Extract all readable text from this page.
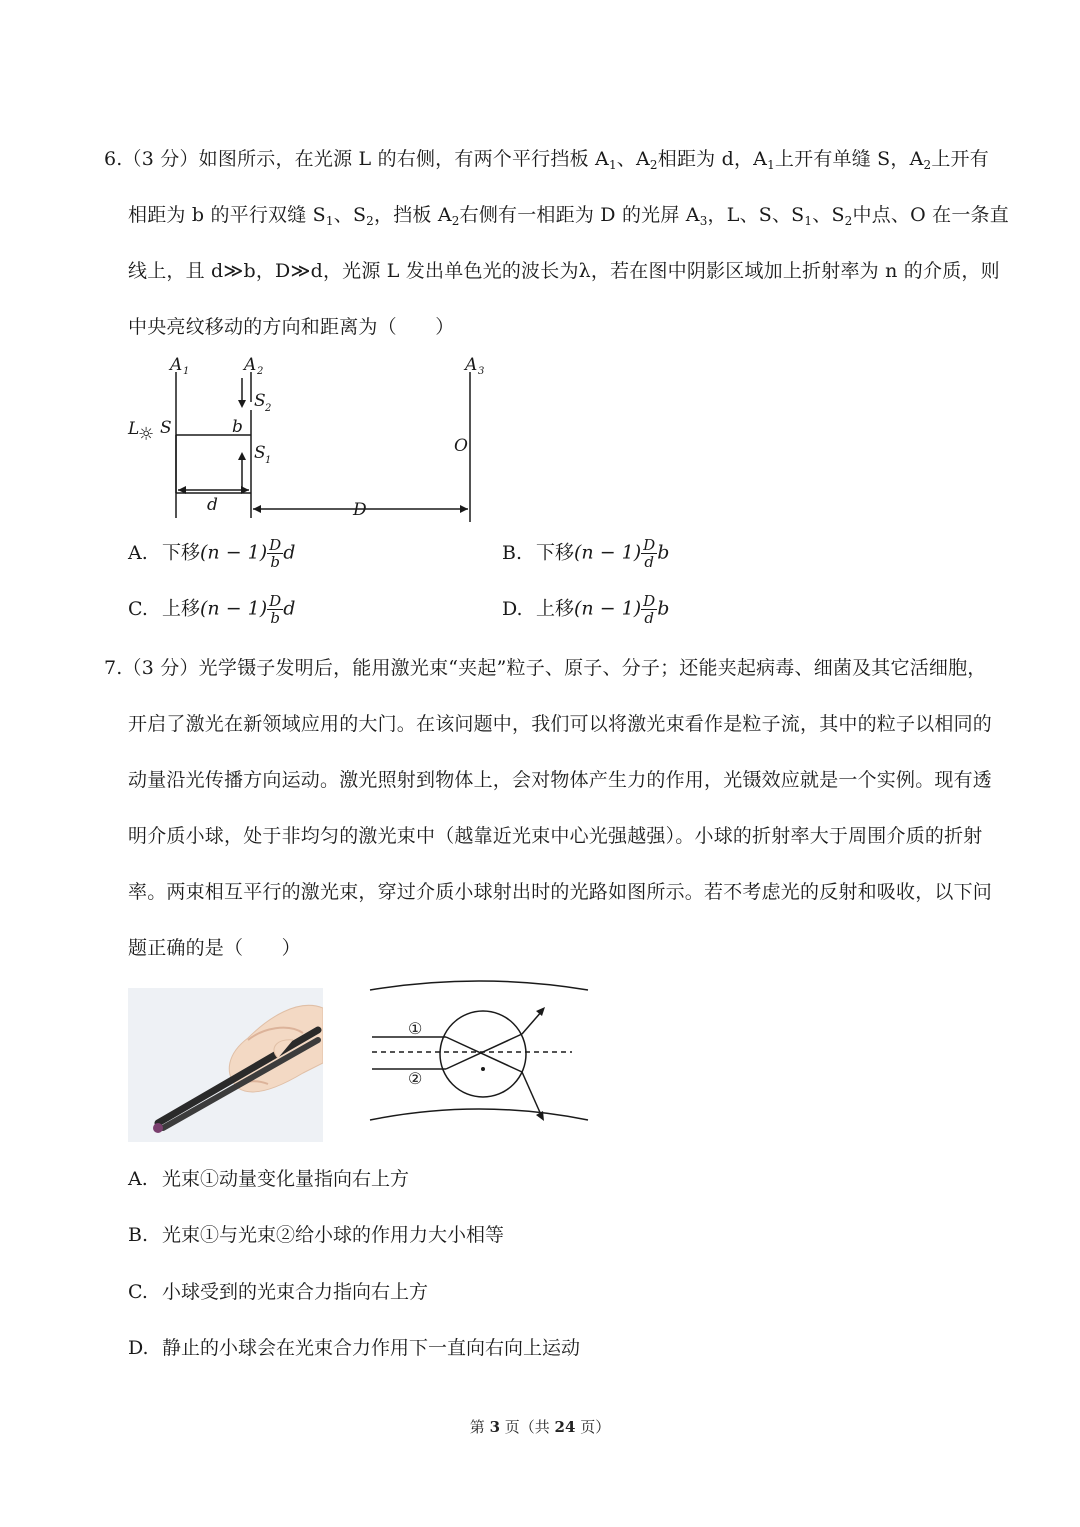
6.（3 分）如图所示，在光源 L 的右侧，有两个平行挡板 $A_1$、$A_2$相距为 d，$A_1$上开有单缝 S，$A_2$上开有
相距为 b 的平行双缝 $S_1$、$S_2$，挡板 $A_2$右侧有一相距为 D 的光屏 $A_3$，L、S、$S_1$、$S_2$中点、O 在一条直
线上，且 d≫b，D≫d，光源 L 发出单色光的波长为λ，若在图中阴影区域加上折射率为 n 的介质，则
中央亮纹移动的方向和距离为（　　）
A 1	A 2	A 3
S 2
L
☼ S	b
S 1
O
d	D
A. 下移$(n - 1) \frac{D}{b}$ d	B. 下移$(n - 1) \frac{D}{d}$ b
C. 上移$(n - 1) \frac{D}{b}$ d	D. 上移$(n - 1) \frac{D}{d}$ b
7.（3 分）光学镊子发明后，能用激光束“夹起”粒子、原子、分子；还能夹起病毒、细菌及其它活细胞，
开启了激光在新领域应用的大门。在该问题中，我们可以将激光束看作是粒子流，其中的粒子以相同的
动量沿光传播方向运动。激光照射到物体上，会对物体产生力的作用，光镊效应就是一个实例。现有透
明介质小球，处于非均匀的激光束中（越靠近光束中心光强越强）。小球的折射率大于周围介质的折射
率。两束相互平行的激光束，穿过介质小球射出时的光路如图所示。若不考虑光的反射和吸收，以下问
题正确的是（　　）
①
②
A. 光束①动量变化量指向右上方
B. 光束①与光束②给小球的作用力大小相等
C. 小球受到的光束合力指向右上方
D. 静止的小球会在光束合力作用下一直向右向上运动
第 3 页（共 24 页）
